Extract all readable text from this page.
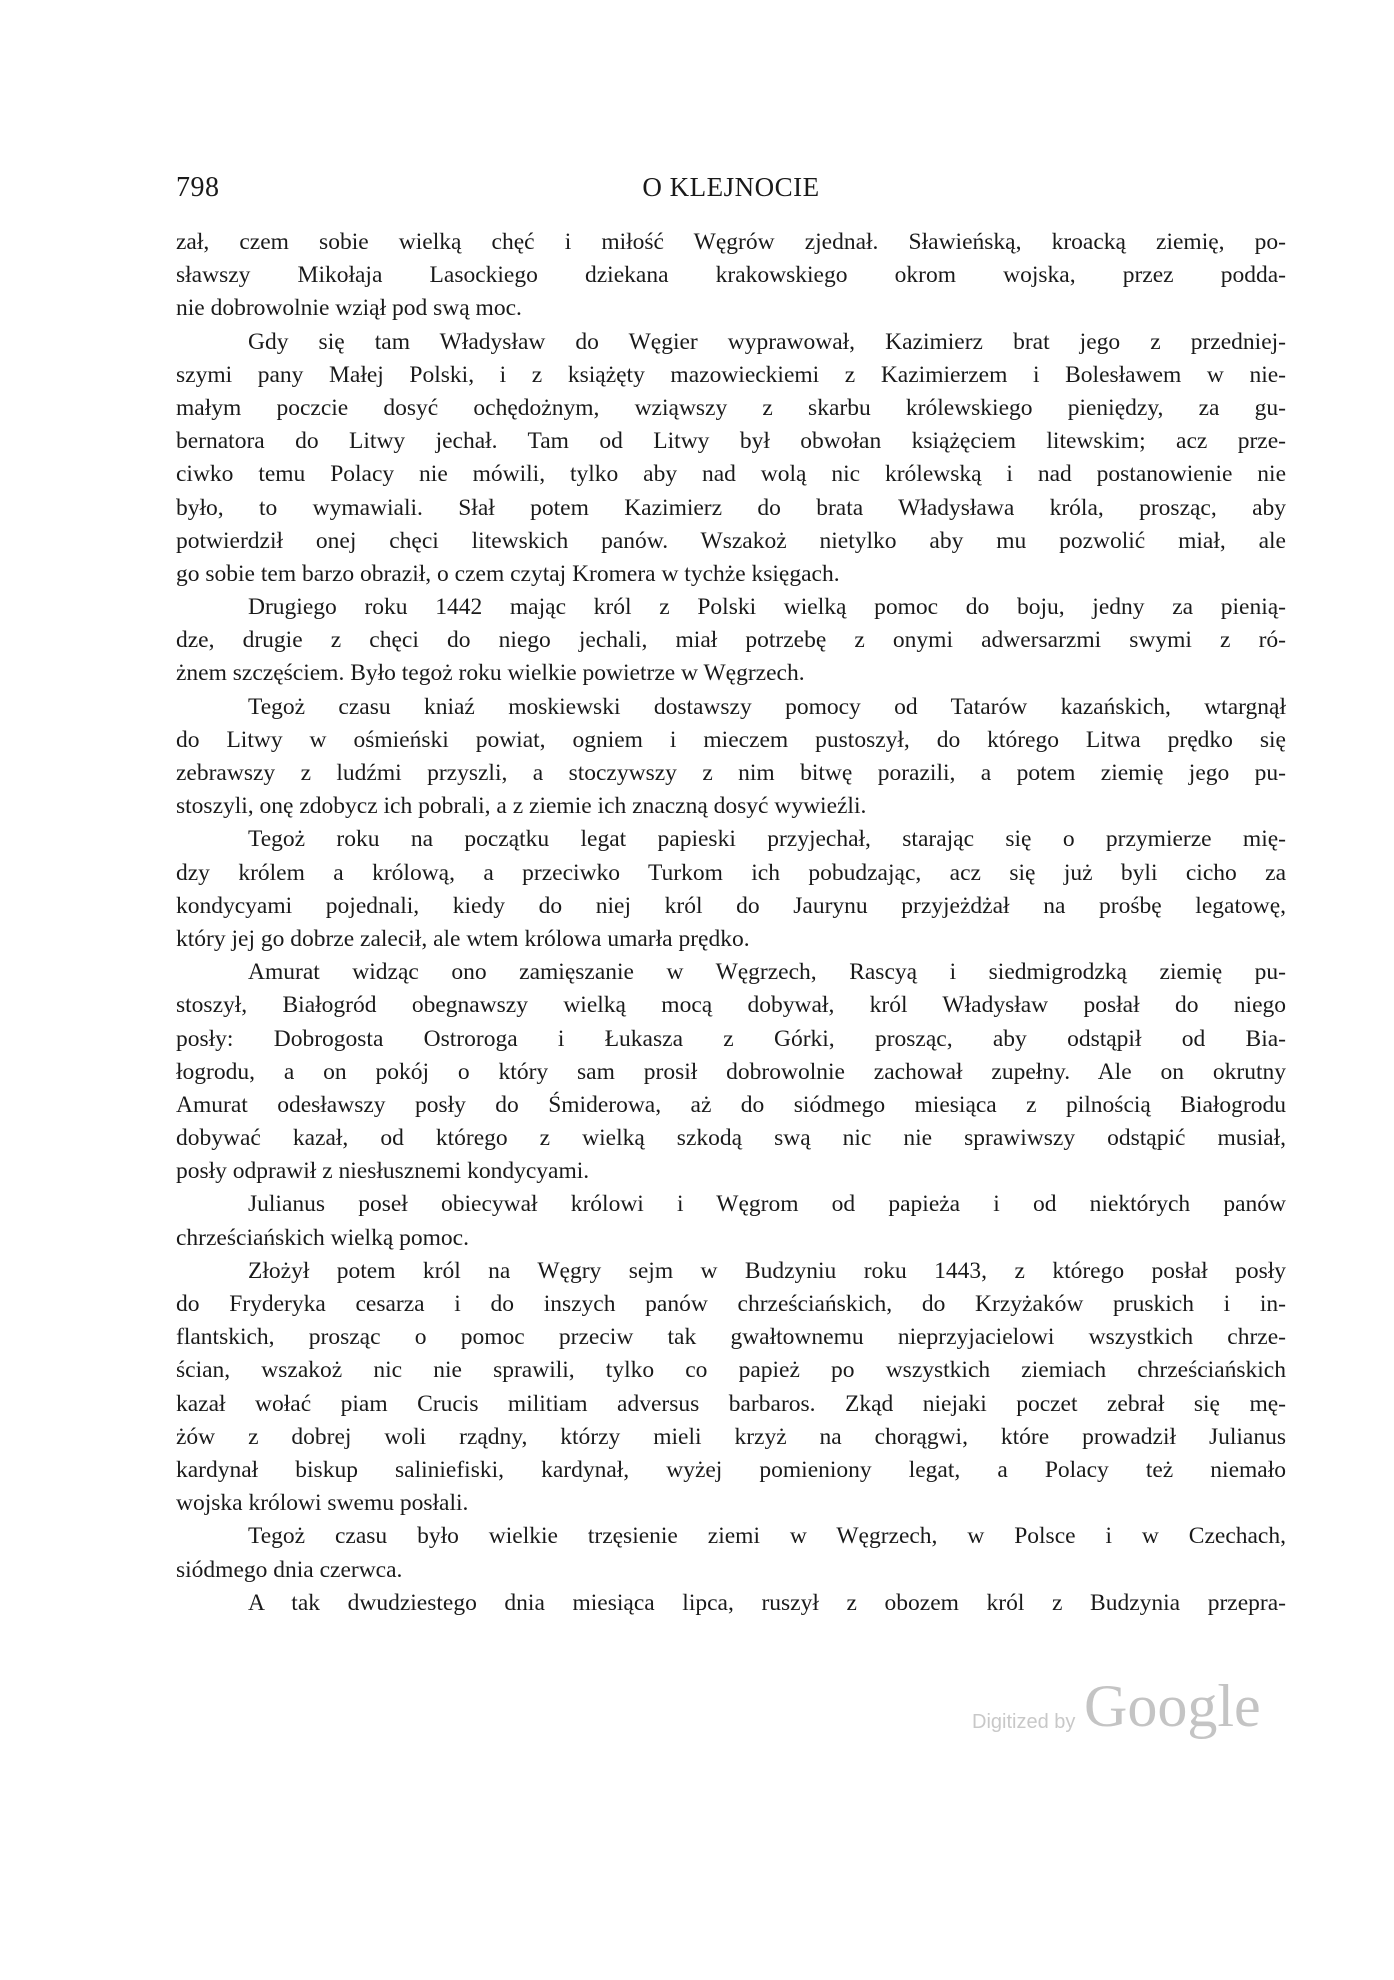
798	O KLEJNOCIE
zał, czem sobie wielką chęć i miłość Węgrów zjednał. Sławieńską, kroacką ziemię, po-
sławszy Mikołaja Lasockiego dziekana krakowskiego okrom wojska, przez podda-
nie dobrowolnie wziął pod swą moc.
Gdy się tam Władysław do Węgier wyprawował, Kazimierz brat jego z przedniej-
szymi pany Małej Polski, i z książęty mazowieckiemi z Kazimierzem i Bolesławem w nie-
małym poczcie dosyć ochędożnym, wziąwszy z skarbu królewskiego pieniędzy, za gu-
bernatora do Litwy jechał. Tam od Litwy był obwołan książęciem litewskim; acz prze-
ciwko temu Polacy nie mówili, tylko aby nad wolą nic królewską i nad postanowienie nie
było, to wymawiali. Słał potem Kazimierz do brata Władysława króla, prosząc, aby
potwierdził onej chęci litewskich panów. Wszakoż nietylko aby mu pozwolić miał, ale
go sobie tem barzo obraził, o czem czytaj Kromera w tychże księgach.
Drugiego roku 1442 mając król z Polski wielką pomoc do boju, jedny za pienią-
dze, drugie z chęci do niego jechali, miał potrzebę z onymi adwersarzmi swymi z ró-
żnem szczęściem. Było tegoż roku wielkie powietrze w Węgrzech.
Tegoż czasu kniaź moskiewski dostawszy pomocy od Tatarów kazańskich, wtargnął
do Litwy w ośmieński powiat, ogniem i mieczem pustoszył, do którego Litwa prędko się
zebrawszy z ludźmi przyszli, a stoczywszy z nim bitwę porazili, a potem ziemię jego pu-
stoszyli, onę zdobycz ich pobrali, a z ziemie ich znaczną dosyć wywieźli.
Tegoż roku na początku legat papieski przyjechał, starając się o przymierze mię-
dzy królem a królową, a przeciwko Turkom ich pobudzając, acz się już byli cicho za
kondycyami pojednali, kiedy do niej król do Jaurynu przyjeżdżał na prośbę legatowę,
który jej go dobrze zalecił, ale wtem królowa umarła prędko.
Amurat widząc ono zamięszanie w Węgrzech, Rascyą i siedmigrodzką ziemię pu-
stoszył, Białogród obegnawszy wielką mocą dobywał, król Władysław posłał do niego
posły: Dobrogosta Ostroroga i Łukasza z Górki, prosząc, aby odstąpił od Bia-
łogrodu, a on pokój o który sam prosił dobrowolnie zachował zupełny. Ale on okrutny
Amurat odesławszy posły do Śmiderowa, aż do siódmego miesiąca z pilnością Białogrodu
dobywać kazał, od którego z wielką szkodą swą nic nie sprawiwszy odstąpić musiał,
posły odprawił z niesłusznemi kondycyami.
Julianus poseł obiecywał królowi i Węgrom od papieża i od niektórych panów
chrześciańskich wielką pomoc.
Złożył potem król na Węgry sejm w Budzyniu roku 1443, z którego posłał posły
do Fryderyka cesarza i do inszych panów chrześciańskich, do Krzyżaków pruskich i in-
flantskich, prosząc o pomoc przeciw tak gwałtownemu nieprzyjacielowi wszystkich chrze-
ścian, wszakoż nic nie sprawili, tylko co papież po wszystkich ziemiach chrześciańskich
kazał wołać piam Crucis militiam adversus barbaros. Zkąd niejaki poczet zebrał się mę-
żów z dobrej woli rządny, którzy mieli krzyż na chorągwi, które prowadził Julianus
kardynał biskup saliniefiski, kardynał, wyżej pomieniony legat, a Polacy też niemało
wojska królowi swemu posłali.
Tegoż czasu było wielkie trzęsienie ziemi w Węgrzech, w Polsce i w Czechach,
siódmego dnia czerwca.
A tak dwudziestego dnia miesiąca lipca, ruszył z obozem król z Budzynia przepra-
Digitized by Google
